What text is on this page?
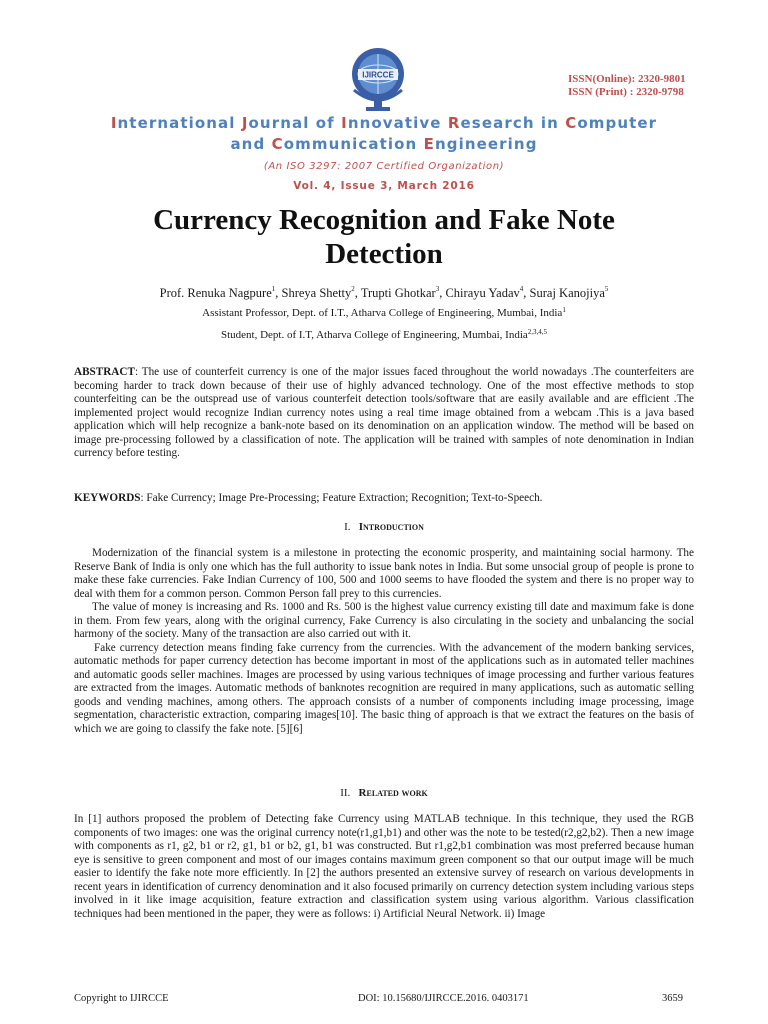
IJIRCCE	ISSN(Online): 2320-9801
ISSN (Print) : 2320-9798
International Journal of Innovative Research in Computer
and Communication Engineering
(An ISO 3297: 2007 Certified Organization)
Vol. 4, Issue 3, March 2016
Currency Recognition and Fake Note
Detection
Prof. Renuka Nagpure$^1$, Shreya Shetty$^2$, Trupti Ghotkar$^3$, Chirayu Yadav$^4$, Suraj Kanojiya$^5$
Assistant Professor, Dept. of I.T., Atharva College of Engineering, Mumbai, India$^1$
Student, Dept. of I.T, Atharva College of Engineering, Mumbai, India$^{2,3,4,5}$

ABSTRACT: The use of counterfeit currency is one of the major issues faced throughout the world nowadays .The counterfeiters are becoming harder to track down because of their use of highly advanced technology. One of the most effective methods to stop counterfeiting can be the outspread use of various counterfeit detection tools/software that are easily available and are efficient .The implemented project would recognize Indian currency notes using a real time image obtained from a webcam .This is a java based application which will help recognize a bank-note based on its denomination on an application window. The method will be based on image pre-processing followed by a classification of note. The application will be trained with samples of note denomination in Indian currency before testing.

KEYWORDS: Fake Currency; Image Pre-Processing; Feature Extraction; Recognition; Text-to-Speech.

I. Introduction

Modernization of the financial system is a milestone in protecting the economic prosperity, and maintaining social harmony. The Reserve Bank of India is only one which has the full authority to issue bank notes in India. But some unsocial group of people is prone to make these fake currencies. Fake Indian Currency of 100, 500 and 1000 seems to have flooded the system and there is no proper way to deal with them for a common person. Common Person fall prey to this currencies.

The value of money is increasing and Rs. 1000 and Rs. 500 is the highest value currency existing till date and maximum fake is done in them. From few years, along with the original currency, Fake Currency is also circulating in the society and unbalancing the social harmony of the society. Many of the transaction are also carried out with it.

Fake currency detection means finding fake currency from the currencies. With the advancement of the modern banking services, automatic methods for paper currency detection has become important in most of the applications such as in automated teller machines and automatic goods seller machines. Images are processed by using various techniques of image processing and further various features are extracted from the images. Automatic methods of banknotes recognition are required in many applications, such as automatic selling goods and vending machines, among others. The approach consists of a number of components including image processing, image segmentation, characteristic extraction, comparing images[10]. The basic thing of approach is that we extract the features on the basis of which we are going to classify the fake note. [5][6]

II. Related work

In [1] authors proposed the problem of Detecting fake Currency using MATLAB technique. In this technique, they used the RGB components of two images: one was the original currency note(r1,g1,b1) and other was the note to be tested(r2,g2,b2). Then a new image with components as r1, g2, b1 or r2, g1, b1 or b2, g1, b1 was constructed. But r1,g2,b1 combination was most preferred because human eye is sensitive to green component and most of our images contains maximum green component so that our output image will be much easier to identify the fake note more efficiently. In [2] the authors presented an extensive survey of research on various developments in recent years in identification of currency denomination and it also focused primarily on currency detection system including various steps involved in it like image acquisition, feature extraction and classification system using various algorithm. Various classification techniques had been mentioned in the paper, they were as follows: i) Artificial Neural Network. ii) Image

Copyright to IJIRCCE	DOI: 10.15680/IJIRCCE.2016. 0403171	3659
